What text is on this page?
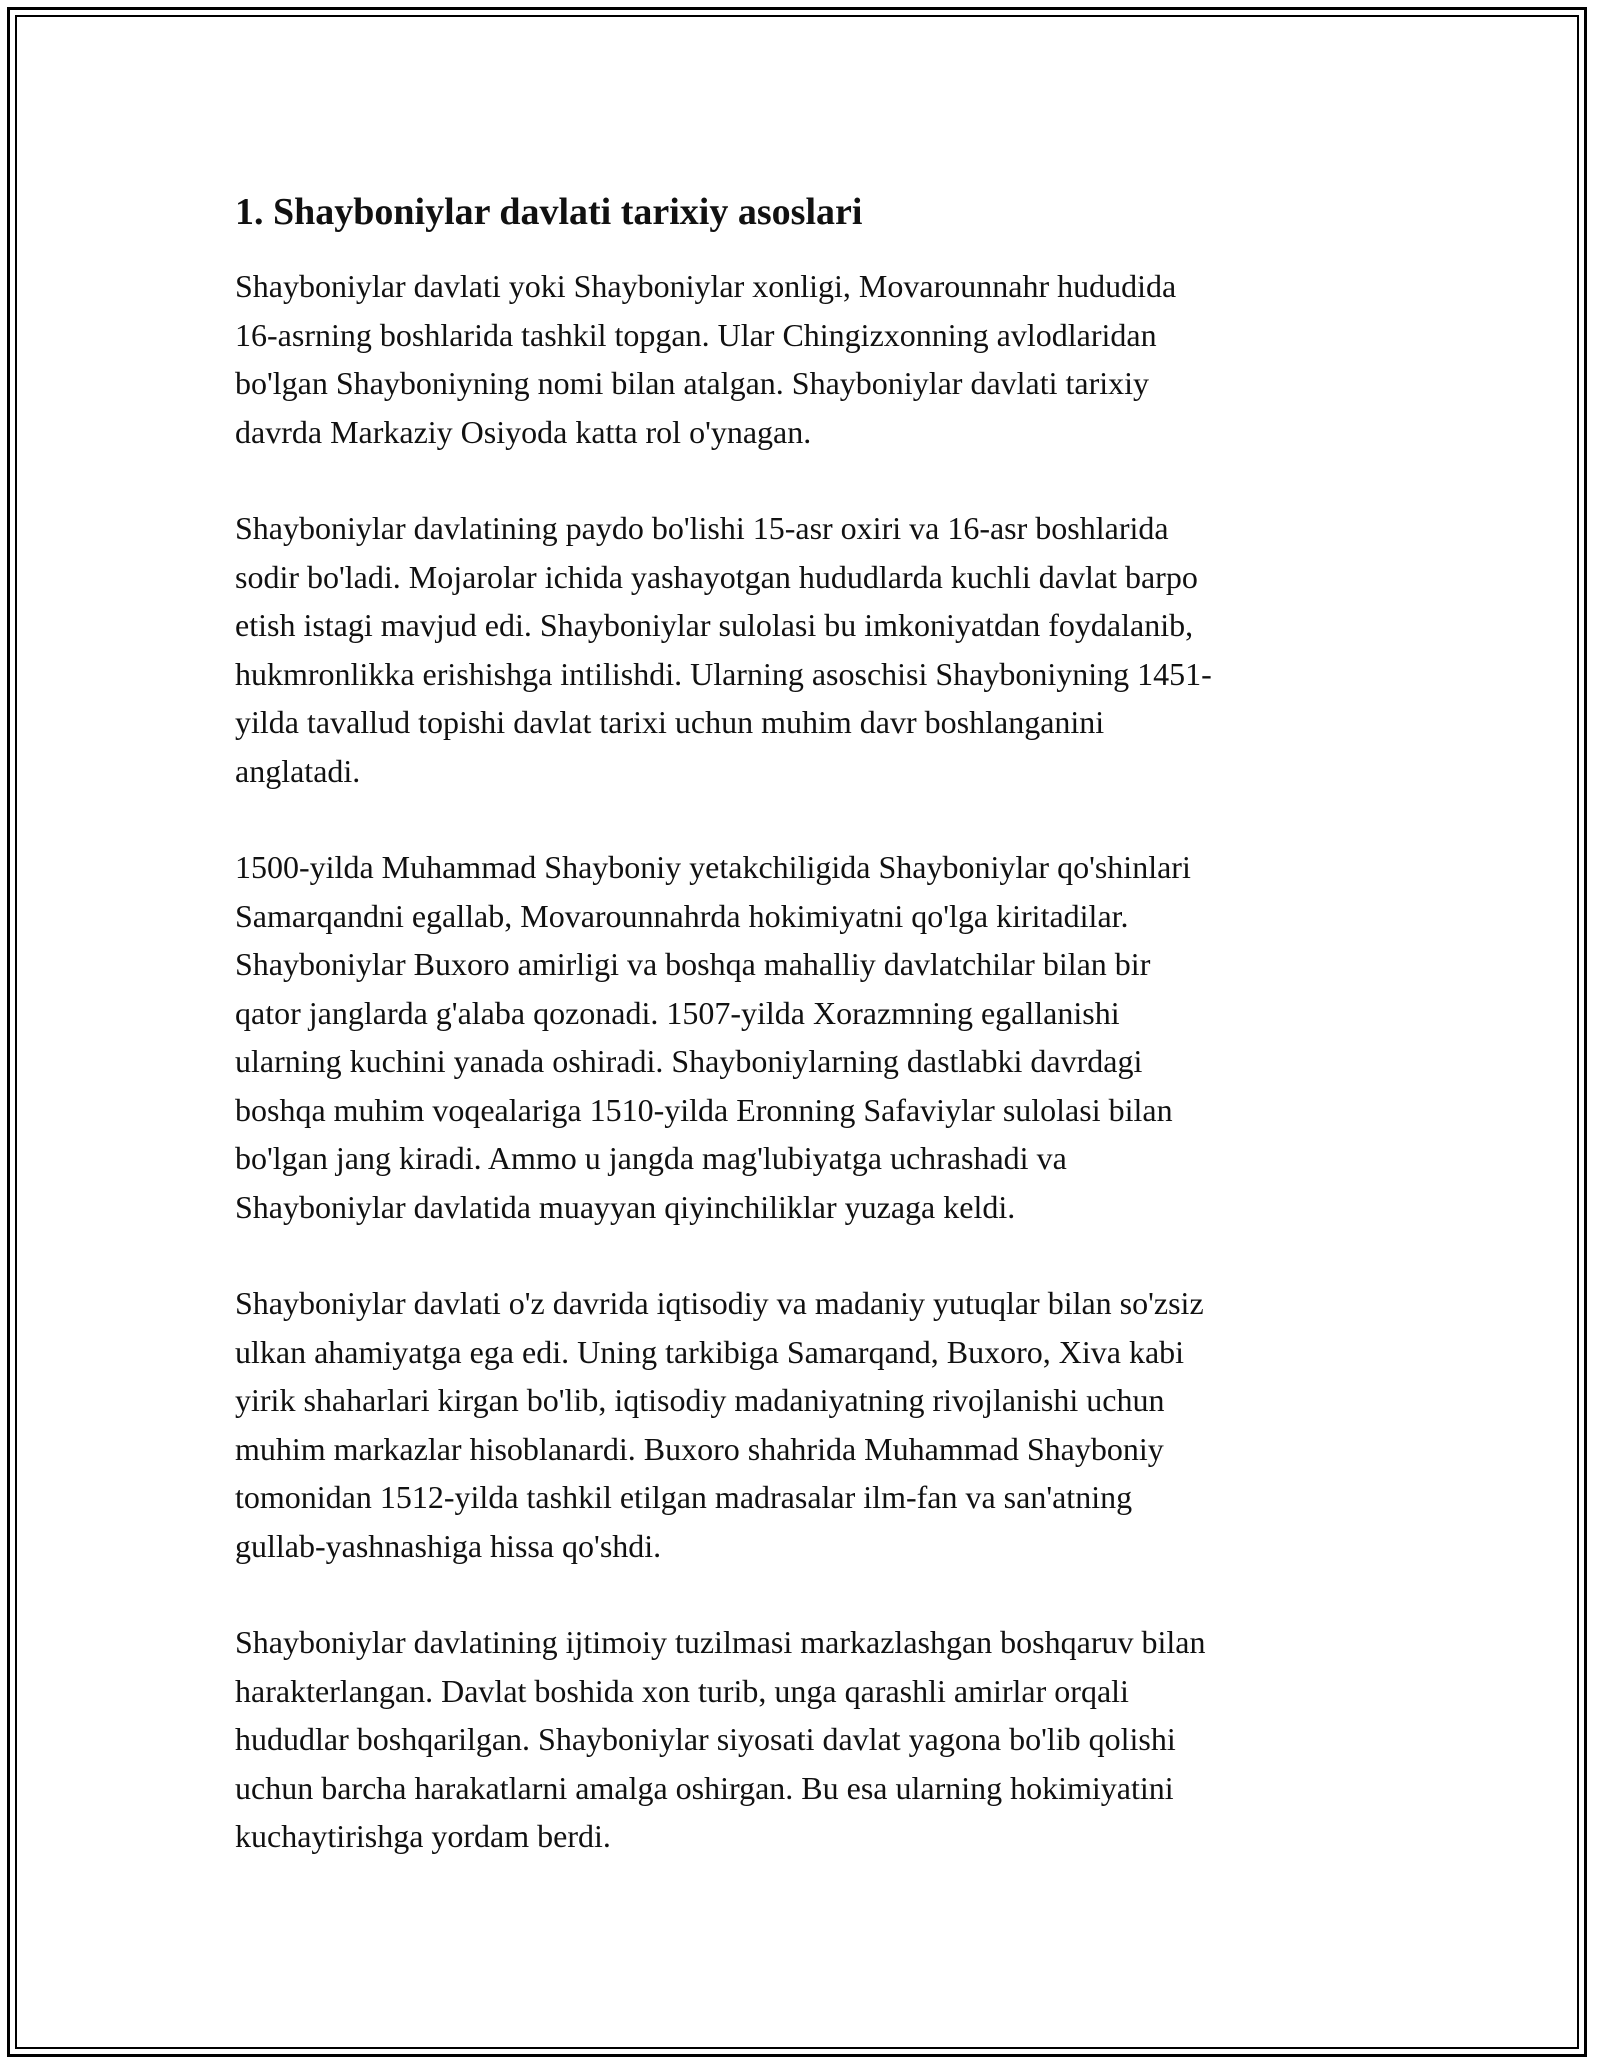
1. Shayboniylar davlati tarixiy asoslari

Shayboniylar davlati yoki Shayboniylar xonligi, Movarounnahr hududida
16-asrning boshlarida tashkil topgan. Ular Chingizxonning avlodlaridan
bo'lgan Shayboniyning nomi bilan atalgan. Shayboniylar davlati tarixiy
davrda Markaziy Osiyoda katta rol o'ynagan.

Shayboniylar davlatining paydo bo'lishi 15-asr oxiri va 16-asr boshlarida
sodir bo'ladi. Mojarolar ichida yashayotgan hududlarda kuchli davlat barpo
etish istagi mavjud edi. Shayboniylar sulolasi bu imkoniyatdan foydalanib,
hukmronlikka erishishga intilishdi. Ularning asoschisi Shayboniyning 1451-
yilda tavallud topishi davlat tarixi uchun muhim davr boshlanganini
anglatadi.

1500-yilda Muhammad Shayboniy yetakchiligida Shayboniylar qo'shinlari
Samarqandni egallab, Movarounnahrda hokimiyatni qo'lga kiritadilar.
Shayboniylar Buxoro amirligi va boshqa mahalliy davlatchilar bilan bir
qator janglarda g'alaba qozonadi. 1507-yilda Xorazmning egallanishi
ularning kuchini yanada oshiradi. Shayboniylarning dastlabki davrdagi
boshqa muhim voqealariga 1510-yilda Eronning Safaviylar sulolasi bilan
bo'lgan jang kiradi. Ammo u jangda mag'lubiyatga uchrashadi va
Shayboniylar davlatida muayyan qiyinchiliklar yuzaga keldi.

Shayboniylar davlati o'z davrida iqtisodiy va madaniy yutuqlar bilan so'zsiz
ulkan ahamiyatga ega edi. Uning tarkibiga Samarqand, Buxoro, Xiva kabi
yirik shaharlari kirgan bo'lib, iqtisodiy madaniyatning rivojlanishi uchun
muhim markazlar hisoblanardi. Buxoro shahrida Muhammad Shayboniy
tomonidan 1512-yilda tashkil etilgan madrasalar ilm-fan va san'atning
gullab-yashnashiga hissa qo'shdi.

Shayboniylar davlatining ijtimoiy tuzilmasi markazlashgan boshqaruv bilan
harakterlangan. Davlat boshida xon turib, unga qarashli amirlar orqali
hududlar boshqarilgan. Shayboniylar siyosati davlat yagona bo'lib qolishi
uchun barcha harakatlarni amalga oshirgan. Bu esa ularning hokimiyatini
kuchaytirishga yordam berdi.
